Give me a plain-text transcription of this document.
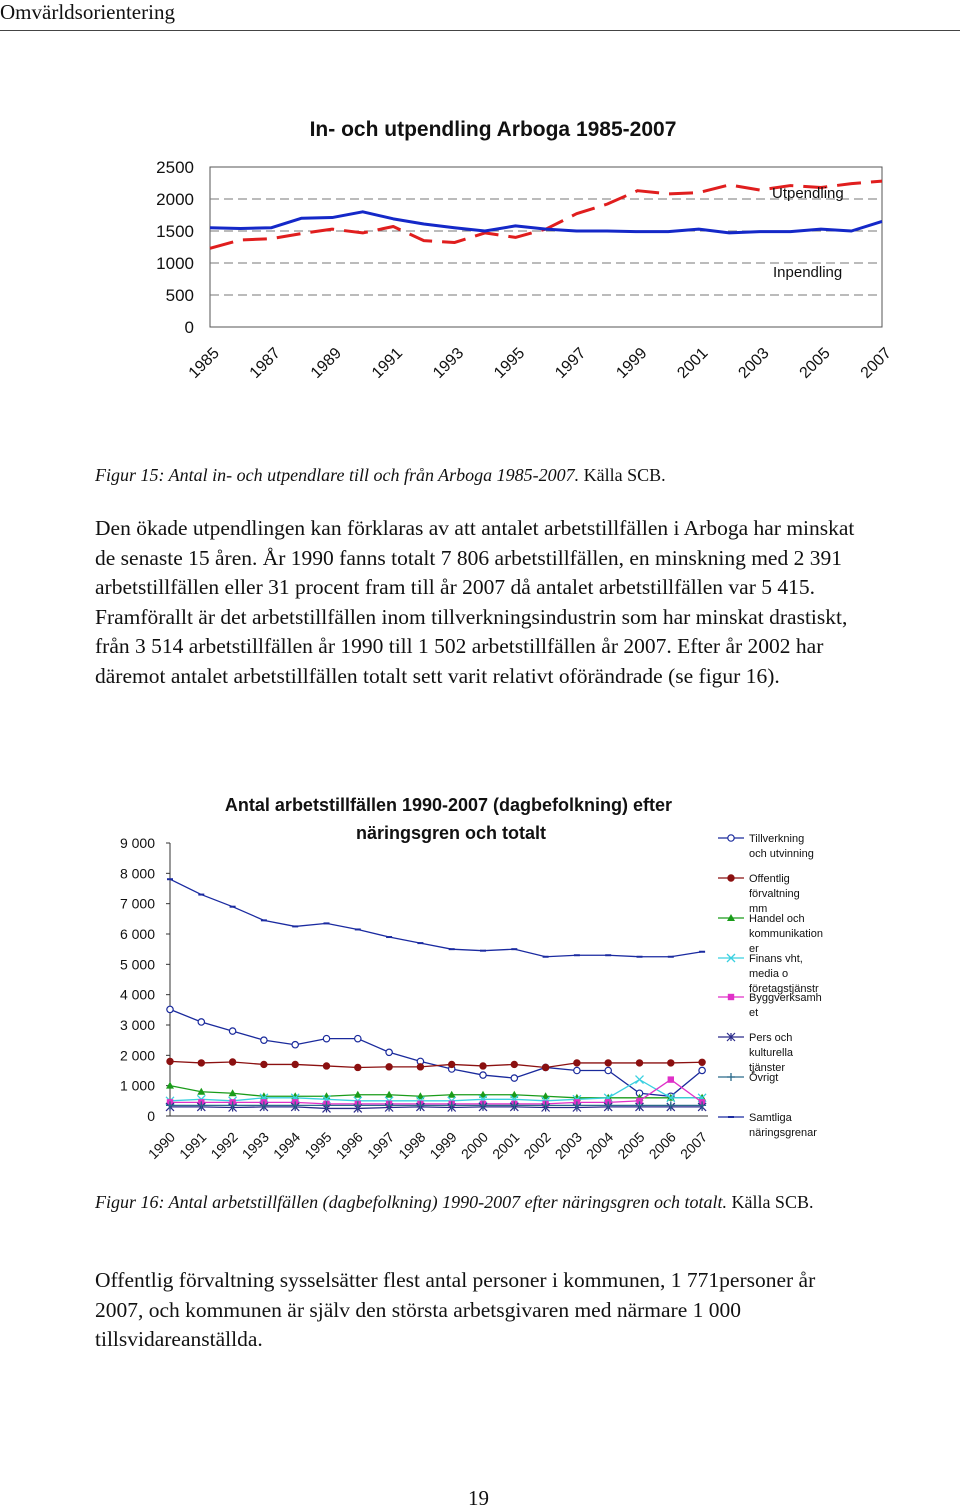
Omvärldsorientering
In- och utpendling Arboga 1985-2007
0
500
1000
1500
2000
2500
1985 1987 1989 1991 1993 1995 1997 1999 2001 2003 2005 2007
Utpendling
Inpendling
Figur 15: Antal in- och utpendlare till och från Arboga 1985-2007. Källa SCB.
Den ökade utpendlingen kan förklaras av att antalet arbetstillfällen i Arboga har minskat de senaste 15 åren. År 1990 fanns totalt 7 806 arbetstillfällen, en minskning med 2 391 arbetstillfällen eller 31 procent fram till år 2007 då antalet arbetstillfällen var 5 415. Framförallt är det arbetstillfällen inom tillverkningsindustrin som har minskat drastiskt, från 3 514 arbetstillfällen år 1990 till 1 502 arbetstillfällen år 2007. Efter år 2002 har däremot antalet arbetstillfällen totalt sett varit relativt oförändrade (se figur 16).
Antal arbetstillfällen 1990-2007 (dagbefolkning) efter näringsgren och totalt
0
1 000
2 000
3 000
4 000
5 000
6 000
7 000
8 000
9 000
1990
1991
1992
1993
1994
1995
1996
1997
1998
1999
2000
2001
2002
2003
2004
2005
2006
2007
Tillverkning och utvinning
Offentlig förvaltning mm
Handel och kommunikation er
Finans vht, media o företagstjänstr
Byggverksamh et
Pers och kulturella tjänster
Övrigt
Samtliga näringsgrenar
Figur 16: Antal arbetstillfällen (dagbefolkning) 1990-2007 efter näringsgren och totalt. Källa SCB.
Offentlig förvaltning sysselsätter flest antal personer i kommunen, 1 771personer år 2007, och kommunen är själv den största arbetsgivaren med närmare 1 000 tillsvidareanställda.
19
